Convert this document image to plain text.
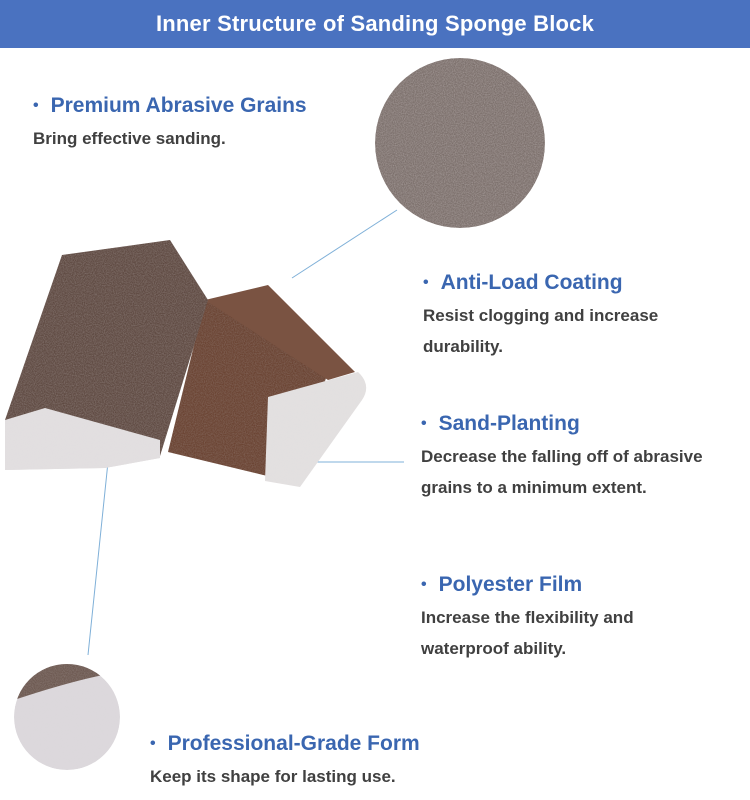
Inner Structure of Sanding Sponge Block
• Premium Abrasive Grains
Bring effective sanding.
• Anti-Load Coating
Resist clogging and increase durability.
• Sand-Planting
Decrease the falling off of abrasive grains to a minimum extent.
• Polyester Film
Increase the flexibility and waterproof ability.
• Professional-Grade Form
Keep its shape for lasting use.
